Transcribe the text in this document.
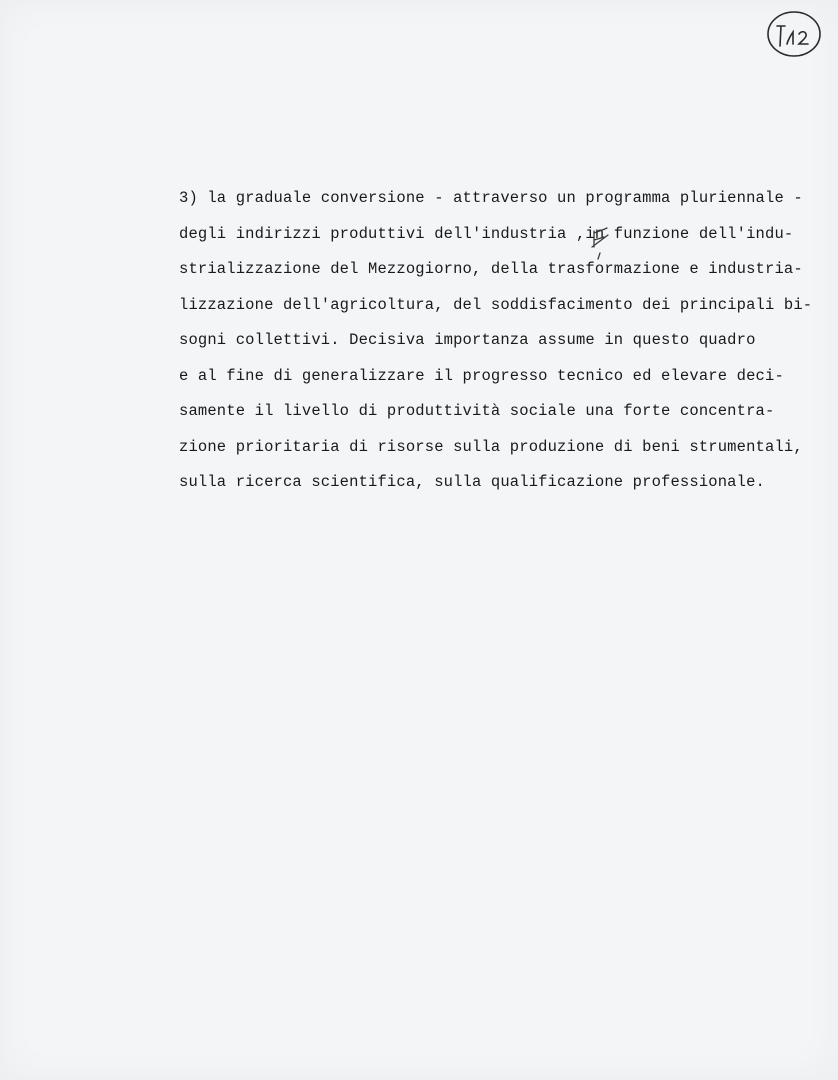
3) la graduale conversione - attraverso un programma pluriennale -
degli indirizzi produttivi dell'industria ,in funzione dell'indu-
strializzazione del Mezzogiorno, della trasformazione e industria-
lizzazione dell'agricoltura, del soddisfacimento dei principali bi-
sogni collettivi. Decisiva importanza assume in questo quadro
e al fine di generalizzare il progresso tecnico ed elevare deci-
samente il livello di produttività sociale una forte concentra-
zione prioritaria di risorse sulla produzione di beni strumentali,
sulla ricerca scientifica, sulla qualificazione professionale.
